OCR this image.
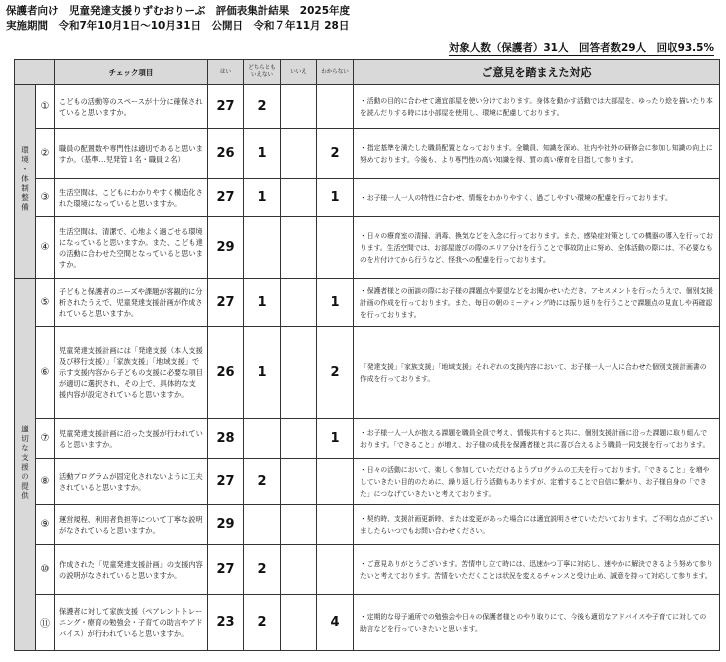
保護者向け　児童発達支援りずむおりーぶ　評価表集計結果　2025年度
実施期間　令和7年10月1日～10月31日　公開日　令和７年11月 28日
対象人数（保護者）31人　回答者数29人　回収93.5%
		チェック項目	はい	どちらとも
いえない	いいえ	わからない	ご意見を踏まえた対応
環境・体制整備	①	こどもの活動等のスペースが十分に確保されていると思いますか。	27	2			・活動の目的に合わせて適宜部屋を使い分けております。身体を動かす活動では大部屋を、ゆったり絵を描いたり本を読んだりする時には小部屋を使用し、環境に配慮しております。
	②	職員の配置数や専門性は適切であると思いますか。（基準…児発管１名・職員２名）	26	1		2	・指定基準を満たした職員配置となっております。全職員、知識を深め、社内や社外の研修会に参加し知識の向上に努めております。今後も、より専門性の高い知識を得、質の高い療育を目指して参ります。
	③	生活空間は、こどもにわかりやすく構造化された環境になっていると思いますか。	27	1		1	・お子様一人一人の特性に合わせ、情報をわかりやすく、過ごしやすい環境の配慮を行っております。
	④	生活空間は、清潔で、心地よく過ごせる環境になっていると思いますか。また、こども達の活動に合わせた空間となっていると思いますか。	29				・日々の療育室の清掃、消毒、換気などを入念に行っております。また、感染症対策としての機器の導入を行っております。生活空間では、お部屋遊びの際のエリア分けを行うことで事故防止に努め、全体活動の際には、不必要なものを片付けてから行うなど、怪我への配慮を行っております。
適切な支援の提供	⑤	子どもと保護者のニーズや課題が客観的に分析されたうえで、児童発達支援計画が作成されていると思いますか。	27	1		1	・保護者様との面談の際にお子様の課題点や要望などをお聞かせいただき、アセスメントを行ったうえで、個別支援計画の作成を行っております。また、毎日の朝のミーティング時には振り返りを行うことで課題点の見直しや再確認を行っております。
	⑥	児童発達支援計画には「発達支援（本人支援及び移行支援）」「家族支援」「地域支援」で示す支援内容から子どもの支援に必要な項目が適切に選択され、その上で、具体的な支援内容が設定されていると思いますか。	26	1		2	「発達支援」「家族支援」「地域支援」それぞれの支援内容において、お子様一人一人に合わせた個別支援計画書の作成を行っております。
	⑦	児童発達支援計画に沿った支援が行われていると思いますか。	28			1	・お子様一人一人が抱える課題を職員全員で考え、情報共有すると共に、個別支援計画に沿った課題に取り組んでおります。「できること」が増え、お子様の成長を保護者様と共に喜び合えるよう職員一同支援を行っております。
	⑧	活動プログラムが固定化されないように工夫されていると思いますか。	27	2			・日々の活動において、楽しく参加していただけるようプログラムの工夫を行っております。「できること」を増やしていきたい目的のために、繰り返し行う活動もありますが、定着することで自信に繋がり、お子様自身の「できた」につなげていきたいと考えております。
	⑨	運営規程、利用者負担等について丁寧な説明がなされていると思いますか。	29				・契約時、支援計画更新時、または変更があった場合には適宜説明させていただいております。ご不明な点がございましたらいつでもお問い合わせください。
	⑩	作成された「児童発達支援計画」の支援内容の説明がなされていると思いますか。	27	2			・ご意見ありがとうございます。苦情申し立て時には、迅速かつ丁寧に対応し、速やかに解決できるよう努めて参りたいと考えております。苦情をいただくことは状況を変えるチャンスと受け止め、誠意を持って対応して参ります。
	⑪	保護者に対して家族支援（ペアレントトレーニング・療育の勉強会・子育ての助言やアドバイス）が行われていると思いますか。	23	2		4	・定期的な母子通所での勉強会や日々の保護者様とのやり取りにて、今後も適切なアドバイスや子育てに対しての助言などを行っていきたいと思います。
